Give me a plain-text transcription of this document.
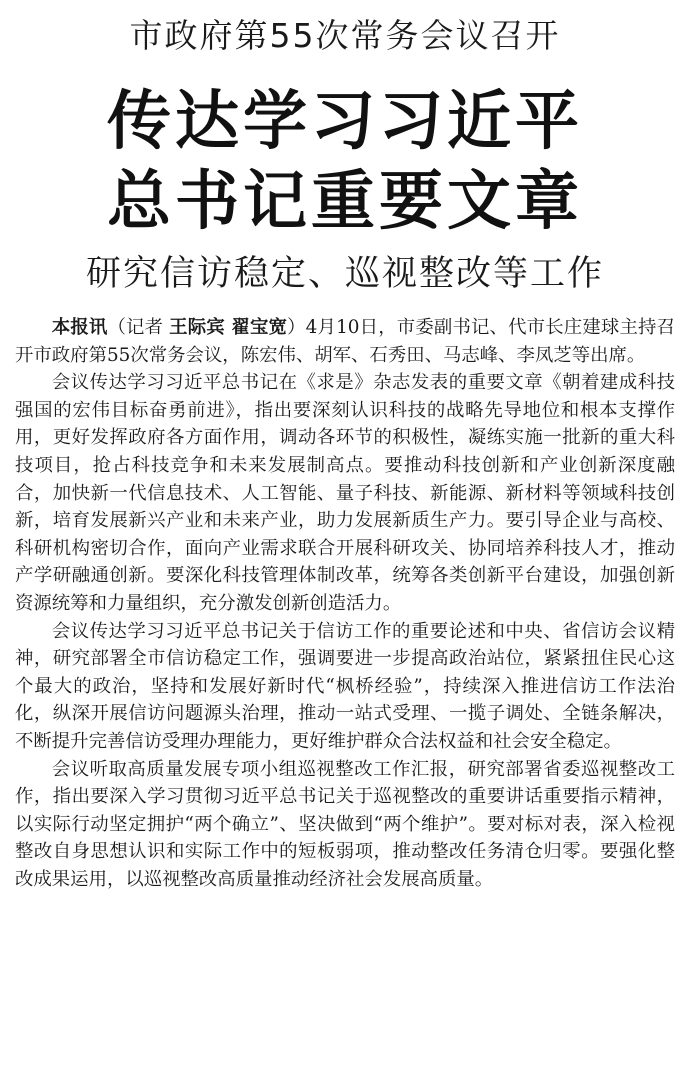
市政府第55次常务会议召开
传达学习习近平
总书记重要文章
研究信访稳定、巡视整改等工作

本报讯（记者 王际宾 翟宝宽）4月10日，市委副书记、代市长庄建球主持召开市政府第55次常务会议，陈宏伟、胡军、石秀田、马志峰、李凤芝等出席。

会议传达学习习近平总书记在《求是》杂志发表的重要文章《朝着建成科技强国的宏伟目标奋勇前进》，指出要深刻认识科技的战略先导地位和根本支撑作用，更好发挥政府各方面作用，调动各环节的积极性，凝练实施一批新的重大科技项目，抢占科技竞争和未来发展制高点。要推动科技创新和产业创新深度融合，加快新一代信息技术、人工智能、量子科技、新能源、新材料等领域科技创新，培育发展新兴产业和未来产业，助力发展新质生产力。要引导企业与高校、科研机构密切合作，面向产业需求联合开展科研攻关、协同培养科技人才，推动产学研融通创新。要深化科技管理体制改革，统筹各类创新平台建设，加强创新资源统筹和力量组织，充分激发创新创造活力。

会议传达学习习近平总书记关于信访工作的重要论述和中央、省信访会议精神，研究部署全市信访稳定工作，强调要进一步提高政治站位，紧紧扭住民心这个最大的政治，坚持和发展好新时代“枫桥经验”，持续深入推进信访工作法治化，纵深开展信访问题源头治理，推动一站式受理、一揽子调处、全链条解决，不断提升完善信访受理办理能力，更好维护群众合法权益和社会安全稳定。

会议听取高质量发展专项小组巡视整改工作汇报，研究部署省委巡视整改工作，指出要深入学习贯彻习近平总书记关于巡视整改的重要讲话重要指示精神，以实际行动坚定拥护“两个确立”、坚决做到“两个维护”。要对标对表，深入检视整改自身思想认识和实际工作中的短板弱项，推动整改任务清仓归零。要强化整改成果运用，以巡视整改高质量推动经济社会发展高质量。
